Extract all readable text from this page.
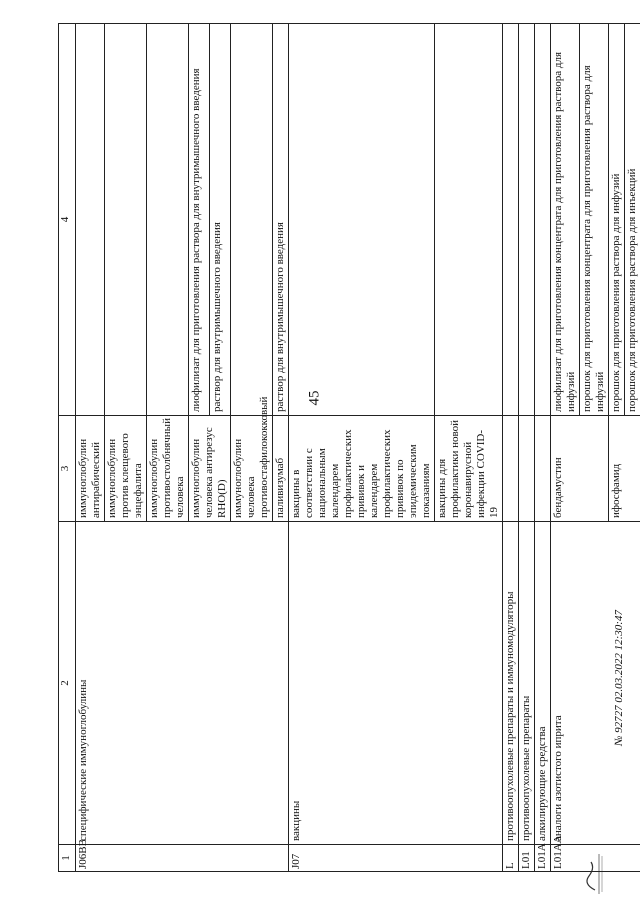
45
№ 92727 02.03.2022 12:30:47
1	2	3	4
J06BB	специфические иммуноглобулины	иммуноглобулин антирабический	
		иммуноглобулин против клещевого энцефалита	
		иммуноглобулин противостолбнячный человека	
		иммуноглобулин человека антирезус RHO(D)	лиофилизат для приготовления раствора для внутримышечного введения
			раствор для внутримышечного введения
		иммуноглобулин человека противостафилококковый	
		паливизумаб	раствор для внутримышечного введения
J07	вакцины	вакцины в соответствии с национальным календарем профилактических прививок и календарем профилактических прививок по эпидемическим показаниям	
		вакцины для профилактики новой коронавирусной инфекции COVID-19	
L	противоопухолевые препараты и иммуномодуляторы		
L01	противоопухолевые препараты		
L01A	алкилирующие средства		
L01AA	аналоги азотистого иприта	бендамустин	лиофилизат для приготовления концентрата для приготовления раствора для инфузий
			порошок для приготовления концентрата для приготовления раствора для инфузий
		ифосфамид	порошок для приготовления раствора для инфузий
			порошок для приготовления раствора для инъекций
